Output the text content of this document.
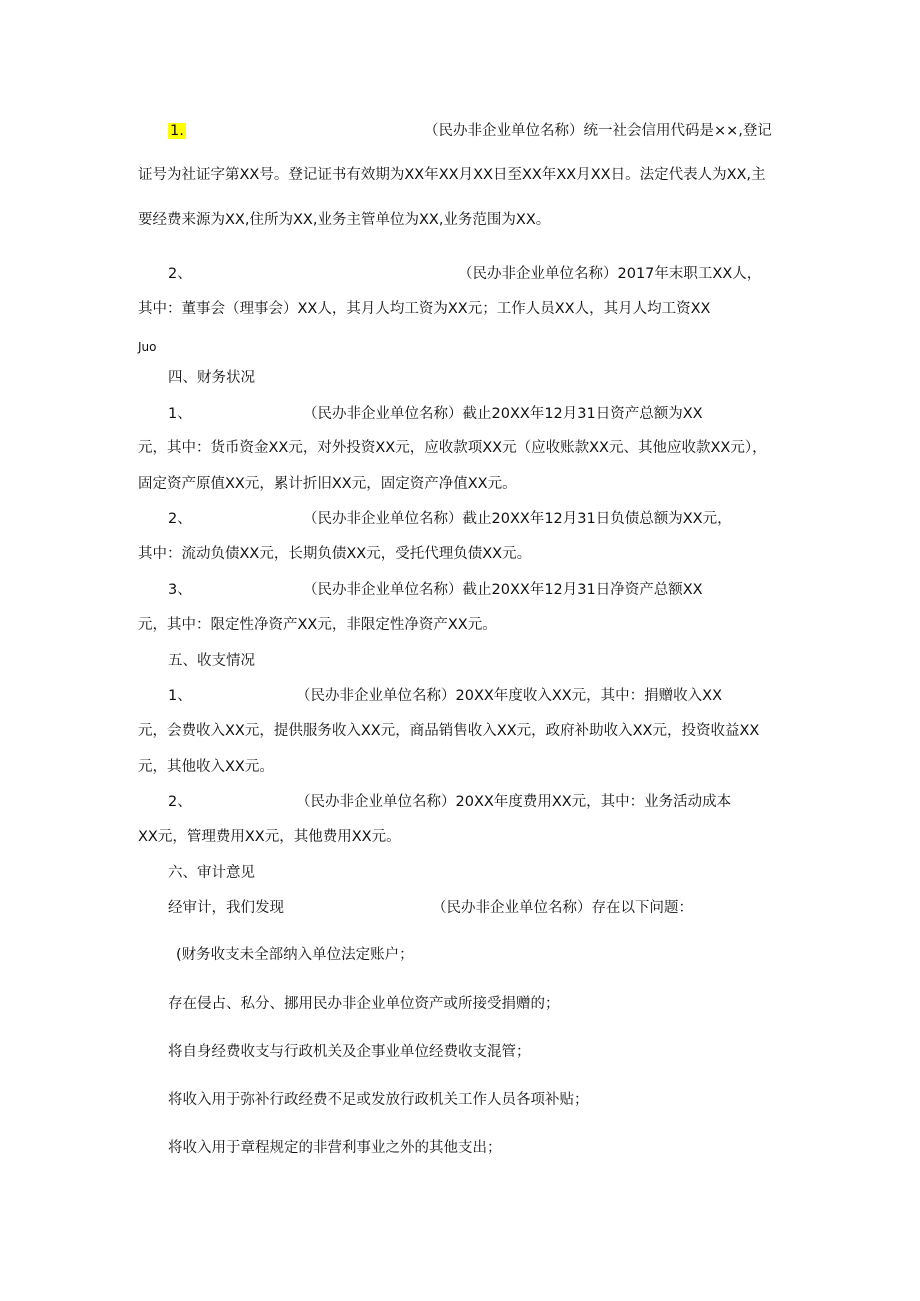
1.	（民办非企业单位名称）统一社会信用代码是××,登记
证号为社证字第XX号。登记证书有效期为XX年XX月XX日至XX年XX月XX日。法定代表人为XX,主
要经费来源为XX,住所为XX,业务主管单位为XX,业务范围为XX。
2、	（民办非企业单位名称）2017年末职工XX人，
其中：董事会（理事会）XX人，其月人均工资为XX元；工作人员XX人，其月人均工资XX
Juo
四、财务状况
1、	（民办非企业单位名称）截止20XX年12月31日资产总额为XX
元，其中：货币资金XX元，对外投资XX元，应收款项XX元（应收账款XX元、其他应收款XX元），
固定资产原值XX元，累计折旧XX元，固定资产净值XX元。
2、	（民办非企业单位名称）截止20XX年12月31日负债总额为XX元，
其中：流动负债XX元，长期负债XX元，受托代理负债XX元。
3、	（民办非企业单位名称）截止20XX年12月31日净资产总额XX
元，其中：限定性净资产XX元，非限定性净资产XX元。
五、收支情况
1、	（民办非企业单位名称）20XX年度收入XX元，其中：捐赠收入XX
元，会费收入XX元，提供服务收入XX元，商品销售收入XX元，政府补助收入XX元，投资收益XX
元，其他收入XX元。
2、	（民办非企业单位名称）20XX年度费用XX元，其中：业务活动成本
XX元，管理费用XX元，其他费用XX元。
六、审计意见
经审计，我们发现	（民办非企业单位名称）存在以下问题：
(财务收支未全部纳入单位法定账户；
存在侵占、私分、挪用民办非企业单位资产或所接受捐赠的；
将自身经费收支与行政机关及企事业单位经费收支混管；
将收入用于弥补行政经费不足或发放行政机关工作人员各项补贴；
将收入用于章程规定的非营利事业之外的其他支出；
